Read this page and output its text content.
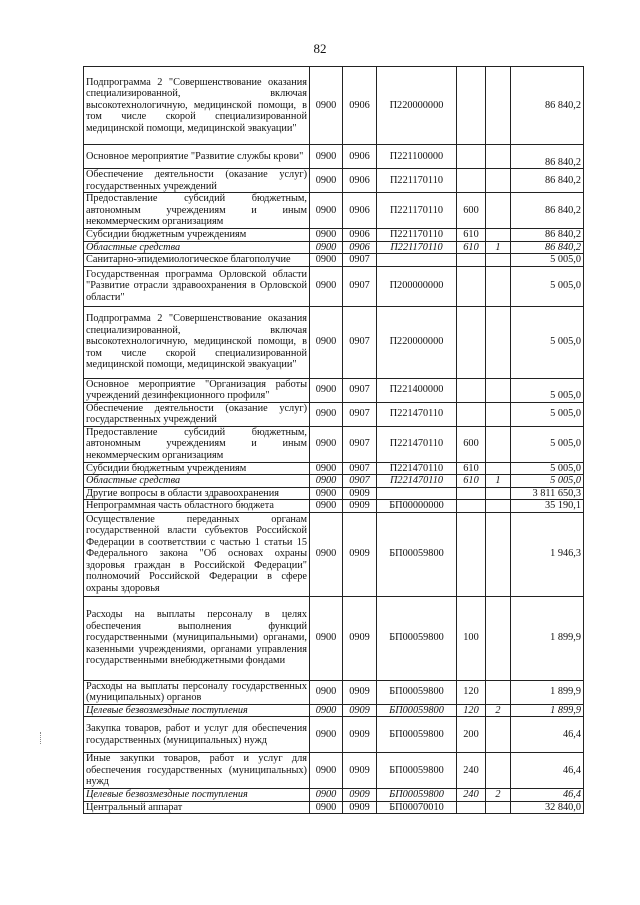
82
Подпрограмма 2 "Совершенствование оказания специализированной, включая высокотехнологичную, медицинской помощи, в том числе скорой специализированной медицинской помощи, медицинской эвакуации"	0900	0906	П220000000			86 840,2
Основное мероприятие "Развитие службы крови"	0900	0906	П221100000			86 840,2
Обеспечение деятельности (оказание услуг) государственных учреждений	0900	0906	П221170110			86 840,2
Предоставление субсидий бюджетным, автономным учреждениям и иным некоммерческим организациям	0900	0906	П221170110	600		86 840,2
Субсидии бюджетным учреждениям	0900	0906	П221170110	610		86 840,2
Областные средства	0900	0906	П221170110	610	1	86 840,2
Санитарно-эпидемиологическое благополучие	0900	0907				5 005,0
Государственная программа Орловской области "Развитие отрасли здравоохранения в Орловской области"	0900	0907	П200000000			5 005,0
Подпрограмма 2 "Совершенствование оказания специализированной, включая высокотехнологичную, медицинской помощи, в том числе скорой специализированной медицинской помощи, медицинской эвакуации"	0900	0907	П220000000			5 005,0
Основное мероприятие "Организация работы учреждений дезинфекционного профиля"	0900	0907	П221400000			5 005,0
Обеспечение деятельности (оказание услуг) государственных учреждений	0900	0907	П221470110			5 005,0
Предоставление субсидий бюджетным, автономным учреждениям и иным некоммерческим организациям	0900	0907	П221470110	600		5 005,0
Субсидии бюджетным учреждениям	0900	0907	П221470110	610		5 005,0
Областные средства	0900	0907	П221470110	610	1	5 005,0
Другие вопросы в области здравоохранения	0900	0909				3 811 650,3
Непрограммная часть областного бюджета	0900	0909	БП00000000			35 190,1
Осуществление переданных органам государственной власти субъектов Российской Федерации в соответствии с частью 1 статьи 15 Федерального закона "Об основах охраны здоровья граждан в Российской Федерации" полномочий Российской Федерации в сфере охраны здоровья	0900	0909	БП00059800			1 946,3
Расходы на выплаты персоналу в целях обеспечения выполнения функций государственными (муниципальными) органами, казенными учреждениями, органами управления государственными внебюджетными фондами	0900	0909	БП00059800	100		1 899,9
Расходы на выплаты персоналу государственных (муниципальных) органов	0900	0909	БП00059800	120		1 899,9
Целевые безвозмездные поступления	0900	0909	БП00059800	120	2	1 899,9
Закупка товаров, работ и услуг для обеспечения государственных (муниципальных) нужд	0900	0909	БП00059800	200		46,4
Иные закупки товаров, работ и услуг для обеспечения государственных (муниципальных) нужд	0900	0909	БП00059800	240		46,4
Целевые безвозмездные поступления	0900	0909	БП00059800	240	2	46,4
Центральный аппарат	0900	0909	БП00070010			32 840,0
